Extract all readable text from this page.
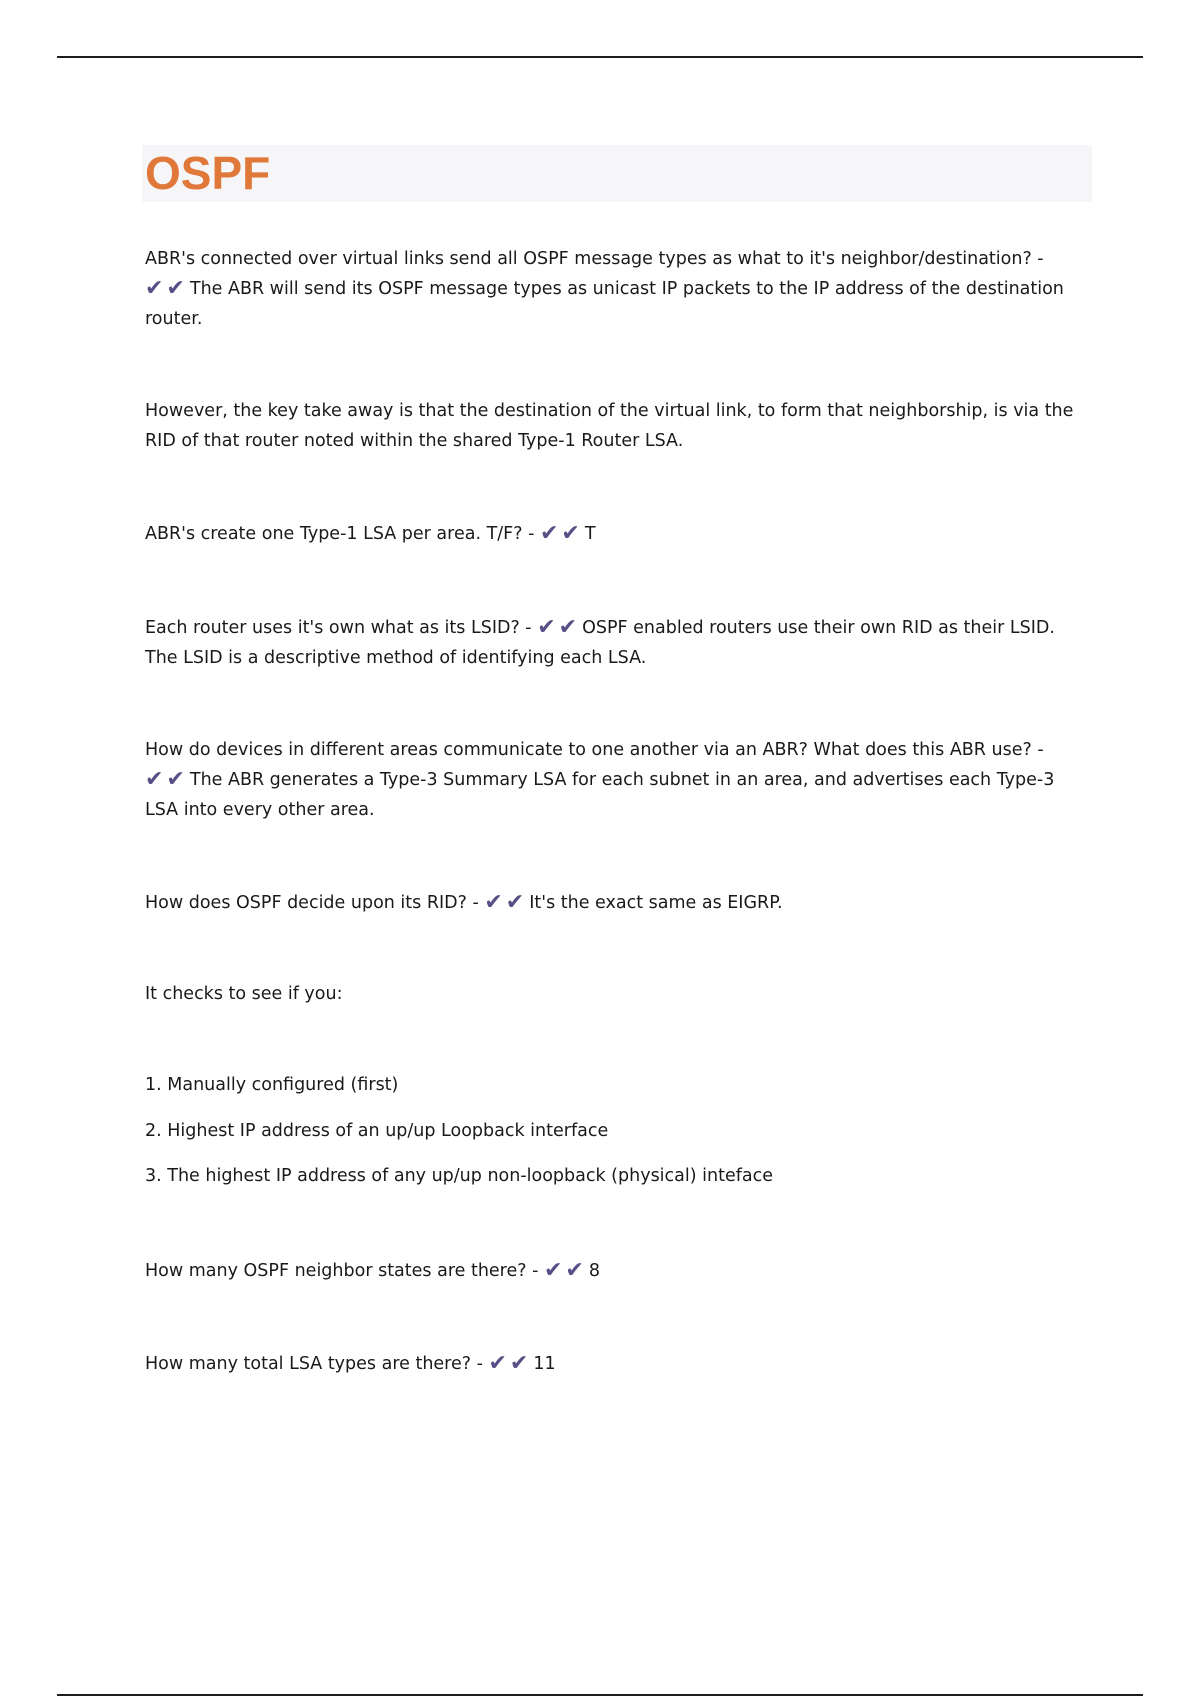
OSPF

ABR's connected over virtual links send all OSPF message types as what to it's neighbor/destination? - ✔✔ The ABR will send its OSPF message types as unicast IP packets to the IP address of the destination router.

However, the key take away is that the destination of the virtual link, to form that neighborship, is via the RID of that router noted within the shared Type-1 Router LSA.

ABR's create one Type-1 LSA per area. T/F? - ✔✔ T

Each router uses it's own what as its LSID? - ✔✔ OSPF enabled routers use their own RID as their LSID. The LSID is a descriptive method of identifying each LSA.

How do devices in different areas communicate to one another via an ABR? What does this ABR use? - ✔✔ The ABR generates a Type-3 Summary LSA for each subnet in an area, and advertises each Type-3 LSA into every other area.

How does OSPF decide upon its RID? - ✔✔ It's the exact same as EIGRP.

It checks to see if you:

1. Manually configured (first)

2. Highest IP address of an up/up Loopback interface

3. The highest IP address of any up/up non-loopback (physical) inteface

How many OSPF neighbor states are there? - ✔✔ 8

How many total LSA types are there? - ✔✔ 11
